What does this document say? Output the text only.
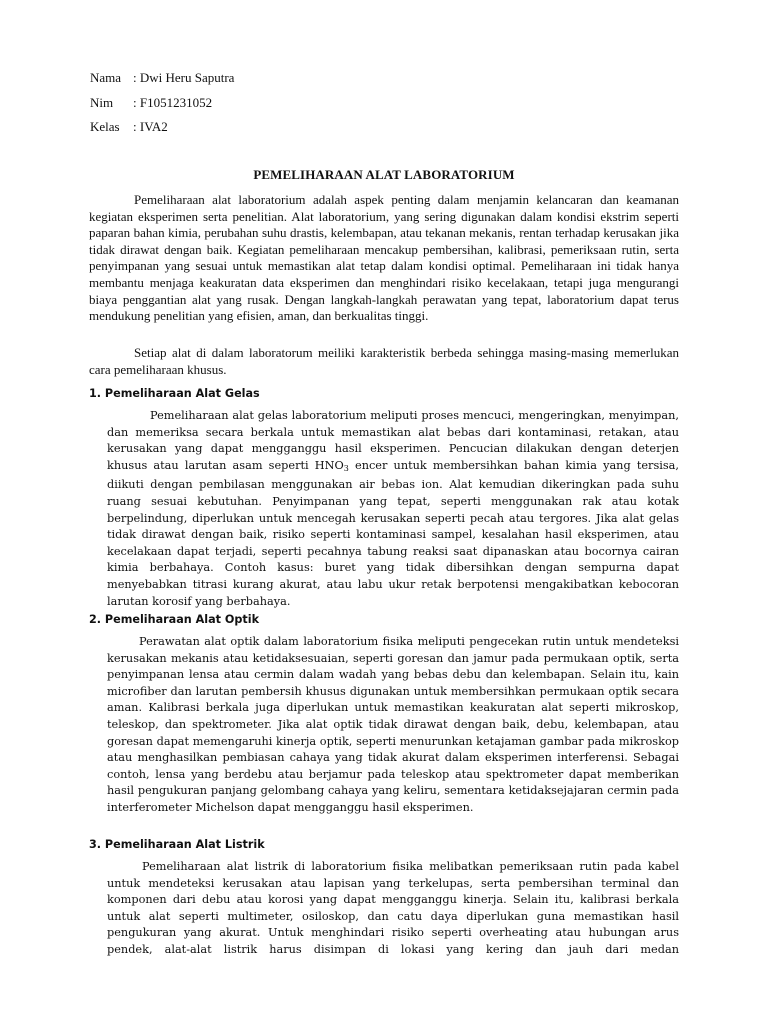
Nama : Dwi Heru Saputra
Nim : F1051231052
Kelas : IVA2
PEMELIHARAAN ALAT LABORATORIUM

Pemeliharaan alat laboratorium adalah aspek penting dalam menjamin kelancaran dan keamanan kegiatan eksperimen serta penelitian. Alat laboratorium, yang sering digunakan dalam kondisi ekstrim seperti paparan bahan kimia, perubahan suhu drastis, kelembapan, atau tekanan mekanis, rentan terhadap kerusakan jika tidak dirawat dengan baik. Kegiatan pemeliharaan mencakup pembersihan, kalibrasi, pemeriksaan rutin, serta penyimpanan yang sesuai untuk memastikan alat tetap dalam kondisi optimal. Pemeliharaan ini tidak hanya membantu menjaga keakuratan data eksperimen dan menghindari risiko kecelakaan, tetapi juga mengurangi biaya penggantian alat yang rusak. Dengan langkah-langkah perawatan yang tepat, laboratorium dapat terus mendukung penelitian yang efisien, aman, dan berkualitas tinggi.

Setiap alat di dalam laboratorum meiliki karakteristik berbeda sehingga masing-masing memerlukan cara pemeliharaan khusus.

1. Pemeliharaan Alat Gelas

Pemeliharaan alat gelas laboratorium meliputi proses mencuci, mengeringkan, menyimpan, dan memeriksa secara berkala untuk memastikan alat bebas dari kontaminasi, retakan, atau kerusakan yang dapat mengganggu hasil eksperimen. Pencucian dilakukan dengan deterjen khusus atau larutan asam seperti $HNO_3$ encer untuk membersihkan bahan kimia yang tersisa, diikuti dengan pembilasan menggunakan air bebas ion. Alat kemudian dikeringkan pada suhu ruang sesuai kebutuhan. Penyimpanan yang tepat, seperti menggunakan rak atau kotak berpelindung, diperlukan untuk mencegah kerusakan seperti pecah atau tergores. Jika alat gelas tidak dirawat dengan baik, risiko seperti kontaminasi sampel, kesalahan hasil eksperimen, atau kecelakaan dapat terjadi, seperti pecahnya tabung reaksi saat dipanaskan atau bocornya cairan kimia berbahaya. Contoh kasus: buret yang tidak dibersihkan dengan sempurna dapat menyebabkan titrasi kurang akurat, atau labu ukur retak berpotensi mengakibatkan kebocoran larutan korosif yang berbahaya.

2. Pemeliharaan Alat Optik

Perawatan alat optik dalam laboratorium fisika meliputi pengecekan rutin untuk mendeteksi kerusakan mekanis atau ketidaksesuaian, seperti goresan dan jamur pada permukaan optik, serta penyimpanan lensa atau cermin dalam wadah yang bebas debu dan kelembapan. Selain itu, kain microfiber dan larutan pembersih khusus digunakan untuk membersihkan permukaan optik secara aman. Kalibrasi berkala juga diperlukan untuk memastikan keakuratan alat seperti mikroskop, teleskop, dan spektrometer. Jika alat optik tidak dirawat dengan baik, debu, kelembapan, atau goresan dapat memengaruhi kinerja optik, seperti menurunkan ketajaman gambar pada mikroskop atau menghasilkan pembiasan cahaya yang tidak akurat dalam eksperimen interferensi. Sebagai contoh, lensa yang berdebu atau berjamur pada teleskop atau spektrometer dapat memberikan hasil pengukuran panjang gelombang cahaya yang keliru, sementara ketidaksejajaran cermin pada interferometer Michelson dapat mengganggu hasil eksperimen.

3. Pemeliharaan Alat Listrik

Pemeliharaan alat listrik di laboratorium fisika melibatkan pemeriksaan rutin pada kabel untuk mendeteksi kerusakan atau lapisan yang terkelupas, serta pembersihan terminal dan komponen dari debu atau korosi yang dapat mengganggu kinerja. Selain itu, kalibrasi berkala untuk alat seperti multimeter, osiloskop, dan catu daya diperlukan guna memastikan hasil pengukuran yang akurat. Untuk menghindari risiko seperti overheating atau hubungan arus pendek, alat-alat listrik harus disimpan di lokasi yang kering dan jauh dari medan
